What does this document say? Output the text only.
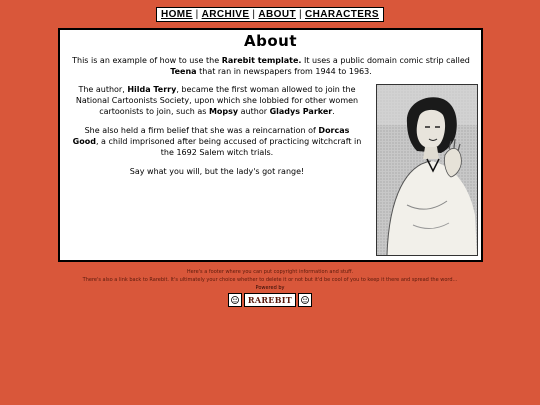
HOME | ARCHIVE | ABOUT | CHARACTERS
About
This is an example of how to use the Rarebit template. It uses a public domain comic strip called Teena that ran in newspapers from 1944 to 1963.

The author, Hilda Terry, became the first woman allowed to join the National Cartoonists Society, upon which she lobbied for other women cartoonists to join, such as Mopsy author Gladys Parker.

She also held a firm belief that she was a reincarnation of Dorcas Good, a child imprisoned after being accused of practicing witchcraft in the 1692 Salem witch trials.

Say what you will, but the lady's got range!

Here's a footer where you can put copyright information and stuff.
There's also a link back to Rarebit. It's ultimately your choice whether to delete it or not but it'd be cool of you to keep it there and spread the word...
Powered by
RAREBIT
